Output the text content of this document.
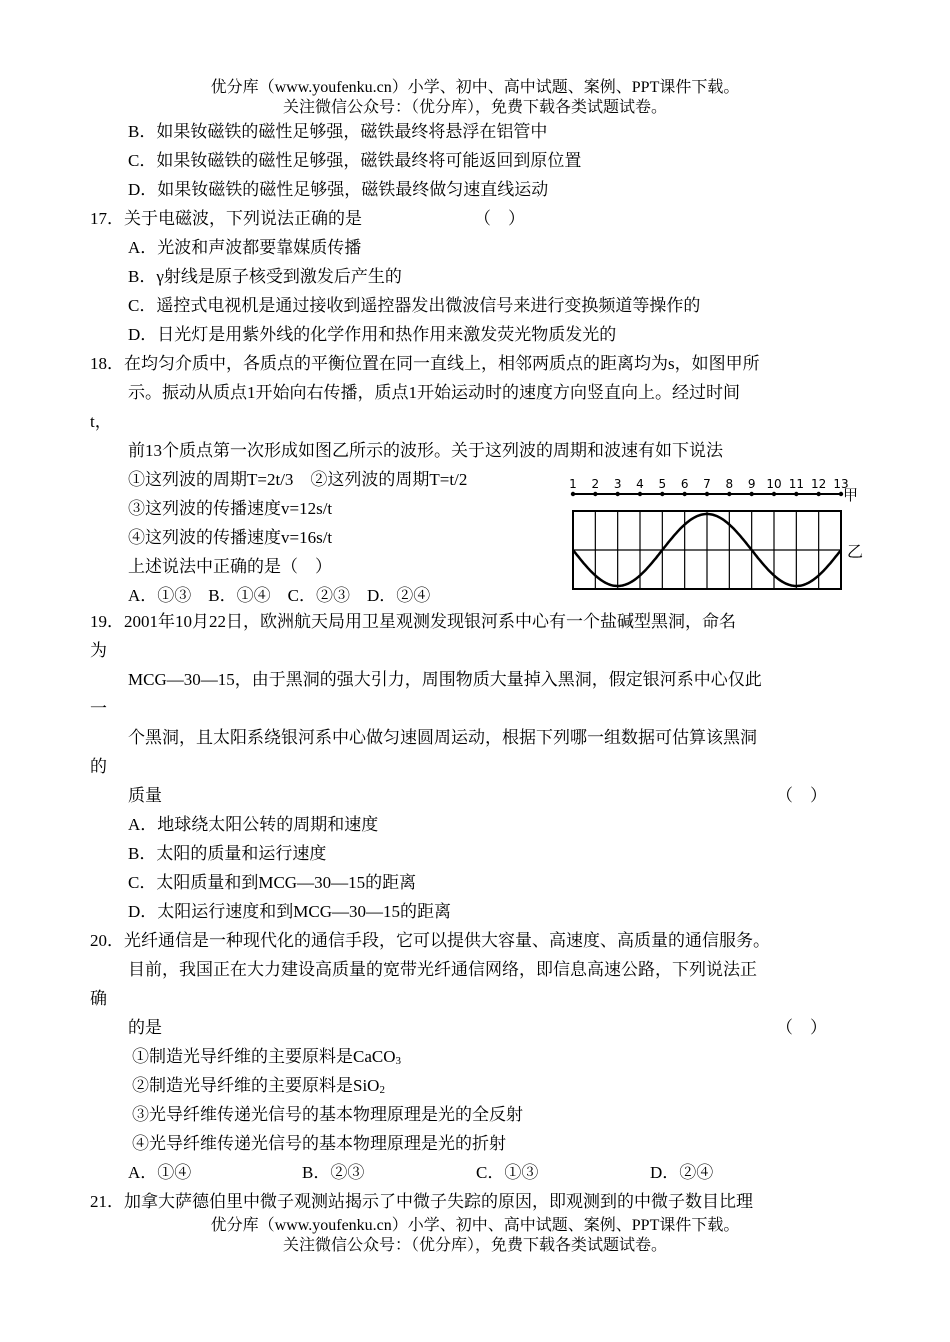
优分库（www.youfenku.cn）小学、初中、高中试题、案例、PPT课件下载。
关注微信公众号：（优分库），免费下载各类试题试卷。
B．如果钕磁铁的磁性足够强，磁铁最终将悬浮在铝管中
C．如果钕磁铁的磁性足够强，磁铁最终将可能返回到原位置
D．如果钕磁铁的磁性足够强，磁铁最终做匀速直线运动
17．关于电磁波，下列说法正确的是	（　）
A．光波和声波都要靠媒质传播
B．γ射线是原子核受到激发后产生的
C．遥控式电视机是通过接收到遥控器发出微波信号来进行变换频道等操作的
D．日光灯是用紫外线的化学作用和热作用来激发荧光物质发光的
18．在均匀介质中，各质点的平衡位置在同一直线上，相邻两质点的距离均为s，如图甲所
示。振动从质点1开始向右传播，质点1开始运动时的速度方向竖直向上。经过时间
t，
前13个质点第一次形成如图乙所示的波形。关于这列波的周期和波速有如下说法
①这列波的周期T=2t/3　②这列波的周期T=t/2
③这列波的传播速度v=12s/t
④这列波的传播速度v=16s/t
上述说法中正确的是（　）
A．①③　B．①④　C．②③　D．②④
1 2 3 4 5 6 7 8 9 10 11 12 13
甲
乙
19．2001年10月22日，欧洲航天局用卫星观测发现银河系中心有一个盐碱型黑洞，命名
为
MCG—30—15，由于黑洞的强大引力，周围物质大量掉入黑洞，假定银河系中心仅此
一
个黑洞，且太阳系绕银河系中心做匀速圆周运动，根据下列哪一组数据可估算该黑洞
的
质量	（　）
A．地球绕太阳公转的周期和速度
B．太阳的质量和运行速度
C．太阳质量和到MCG—30—15的距离
D．太阳运行速度和到MCG—30—15的距离
20．光纤通信是一种现代化的通信手段，它可以提供大容量、高速度、高质量的通信服务。
目前，我国正在大力建设高质量的宽带光纤通信网络，即信息高速公路，下列说法正
确
的是	（　）
①制造光导纤维的主要原料是CaCO$_3$
②制造光导纤维的主要原料是SiO$_2$
③光导纤维传递光信号的基本物理原理是光的全反射
④光导纤维传递光信号的基本物理原理是光的折射
A．①④	B．②③	C．①③	D．②④
21．加拿大萨德伯里中微子观测站揭示了中微子失踪的原因，即观测到的中微子数目比理
优分库（www.youfenku.cn）小学、初中、高中试题、案例、PPT课件下载。
关注微信公众号：（优分库），免费下载各类试题试卷。
